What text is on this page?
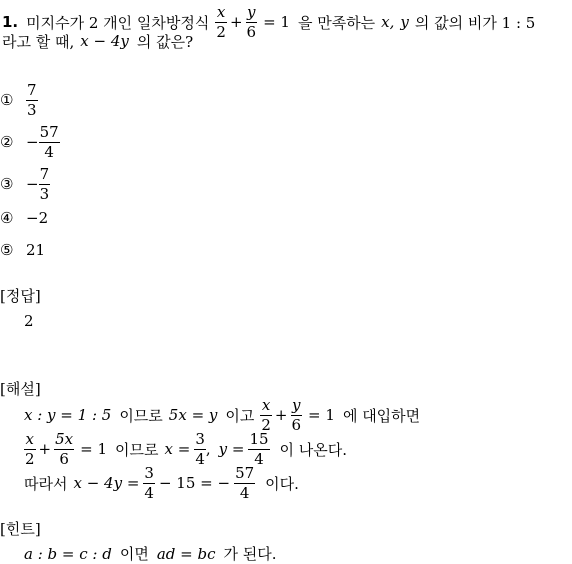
1. 미지수가 2 개인 일차방정식 $\frac{x}{2} + \frac{y}{6} = 1$ 을 만족하는 x, y 의 값의 비가 1 : 5
라고 할 때, x − 4y 의 값은?
① $\frac{7}{3}$
② − $\frac{57}{4}$
③ − $\frac{7}{3}$
④ −2
⑤ 21
[정답]
2
[해설]
x : y = 1 : 5 이므로 5x = y 이고 $\frac{x}{2} + \frac{y}{6} = 1$ 에 대입하면
$\frac{x}{2} + \frac{5x}{6} = 1$ 이므로 $x = \frac{3}{4}$ , $y = \frac{15}{4}$ 이 나온다.
따라서 $x - 4y = \frac{3}{4} - 15$ = − $\frac{57}{4}$ 이다.
[힌트]
a : b = c : d 이면 ad = bc 가 된다.
